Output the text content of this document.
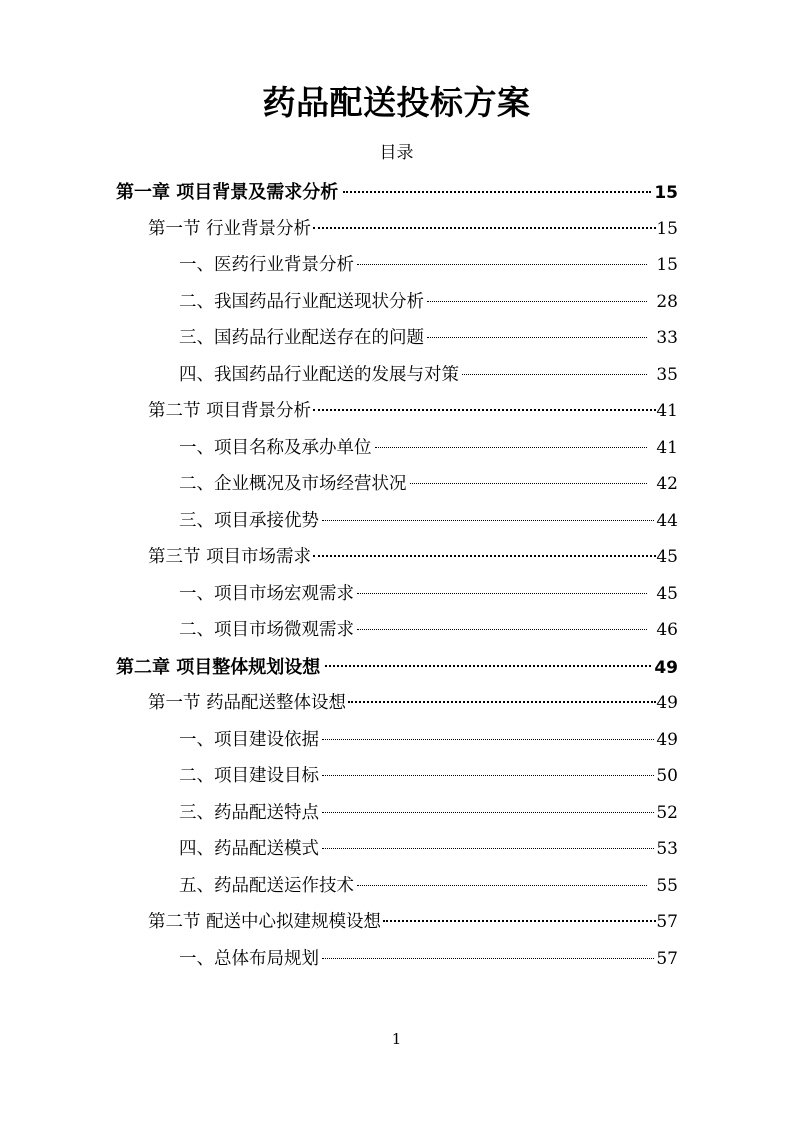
药品配送投标方案
目录
第一章 项目背景及需求分析	15
第一节 行业背景分析	15
一、医药行业背景分析	15
二、我国药品行业配送现状分析	28
三、国药品行业配送存在的问题	33
四、我国药品行业配送的发展与对策	35
第二节 项目背景分析	41
一、项目名称及承办单位	41
二、企业概况及市场经营状况	42
三、项目承接优势	44
第三节 项目市场需求	45
一、项目市场宏观需求	45
二、项目市场微观需求	46
第二章 项目整体规划设想	49
第一节 药品配送整体设想	49
一、项目建设依据	49
二、项目建设目标	50
三、药品配送特点	52
四、药品配送模式	53
五、药品配送运作技术	55
第二节 配送中心拟建规模设想	57
一、总体布局规划	57
1
